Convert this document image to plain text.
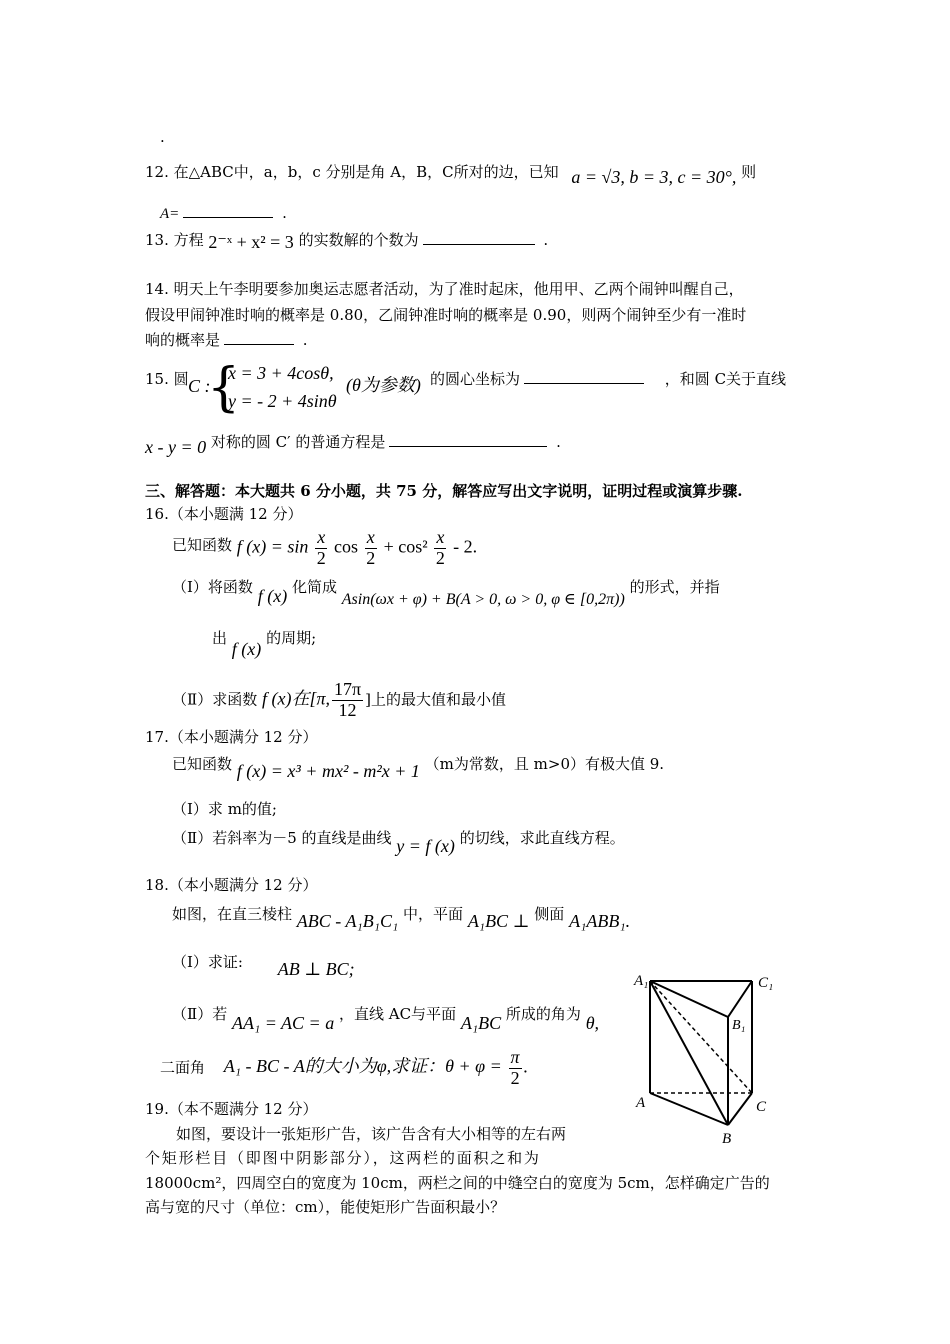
.
12. 在△ABC中，a，b，c 分别是角 A，B，C所对的边，已知 a = √3, b = 3, c = 30°, 则
A=	.
13. 方程 2⁻ˣ + x² = 3 的实数解的个数为	.
14. 明天上午李明要参加奥运志愿者活动，为了准时起床，他用甲、乙两个闹钟叫醒自己，
假设甲闹钟准时响的概率是 0.80，乙闹钟准时响的概率是 0.90，则两个闹钟至少有一准时
响的概率是	.
15. 圆 C :
{
x = 3 + 4cosθ,
y = - 2 + 4sinθ
(θ为参数) 的圆心坐标为	，和圆 C关于直线
x - y = 0 对称的圆 C′ 的普通方程是	.
三、解答题：本大题共 6 分小题，共 75 分，解答应写出文字说明，证明过程或演算步骤.
16.（本小题满 12 分）
已知函数 f $(x) = \sin \frac{x}{2}$ $\cos \frac{x}{2} + \cos^2 \frac{x}{2} - 2$.
（Ⅰ）将函数 f (x) 化简成 Asin(ωx + φ) + B(A > 0, ω > 0, φ ∈ [0,2π)) 的形式，并指
出 f (x) 的周期;
（Ⅱ）求函数 f (x)在[π, $\frac{17\pi}{12}$ ]上的最大值和最小值
17.（本小题满分 12 分）
已知函数 f (x) = x³ + mx² - m²x + 1 （m为常数，且 m>0）有极大值 9.
（Ⅰ）求 m的值;
（Ⅱ）若斜率为－5 的直线是曲线 y = f (x) 的切线，求此直线方程。
18.（本小题满分 12 分）
如图，在直三棱柱 ABC - A₁B₁C₁ 中，平面 A₁BC ⊥ 侧面 A₁ABB₁.
（Ⅰ）求证: AB ⊥ BC;
（Ⅱ）若 AA₁ = AC = a ，直线 AC与平面 A₁BC 所成的角为 θ,
二面角 A₁ - BC - A的大小为φ,求证：$\theta + \varphi = \frac{\pi}{2}$ .
A₁	C₁
B₁
A	C
B
19.（本不题满分 12 分）
如图，要设计一张矩形广告，该广告含有大小相等的左右两
个矩形栏目（即图中阴影部分），这两栏的面积之和为
18000cm²，四周空白的宽度为 10cm，两栏之间的中缝空白的宽度为 5cm，怎样确定广告的
高与宽的尺寸（单位：cm），能使矩形广告面积最小？
